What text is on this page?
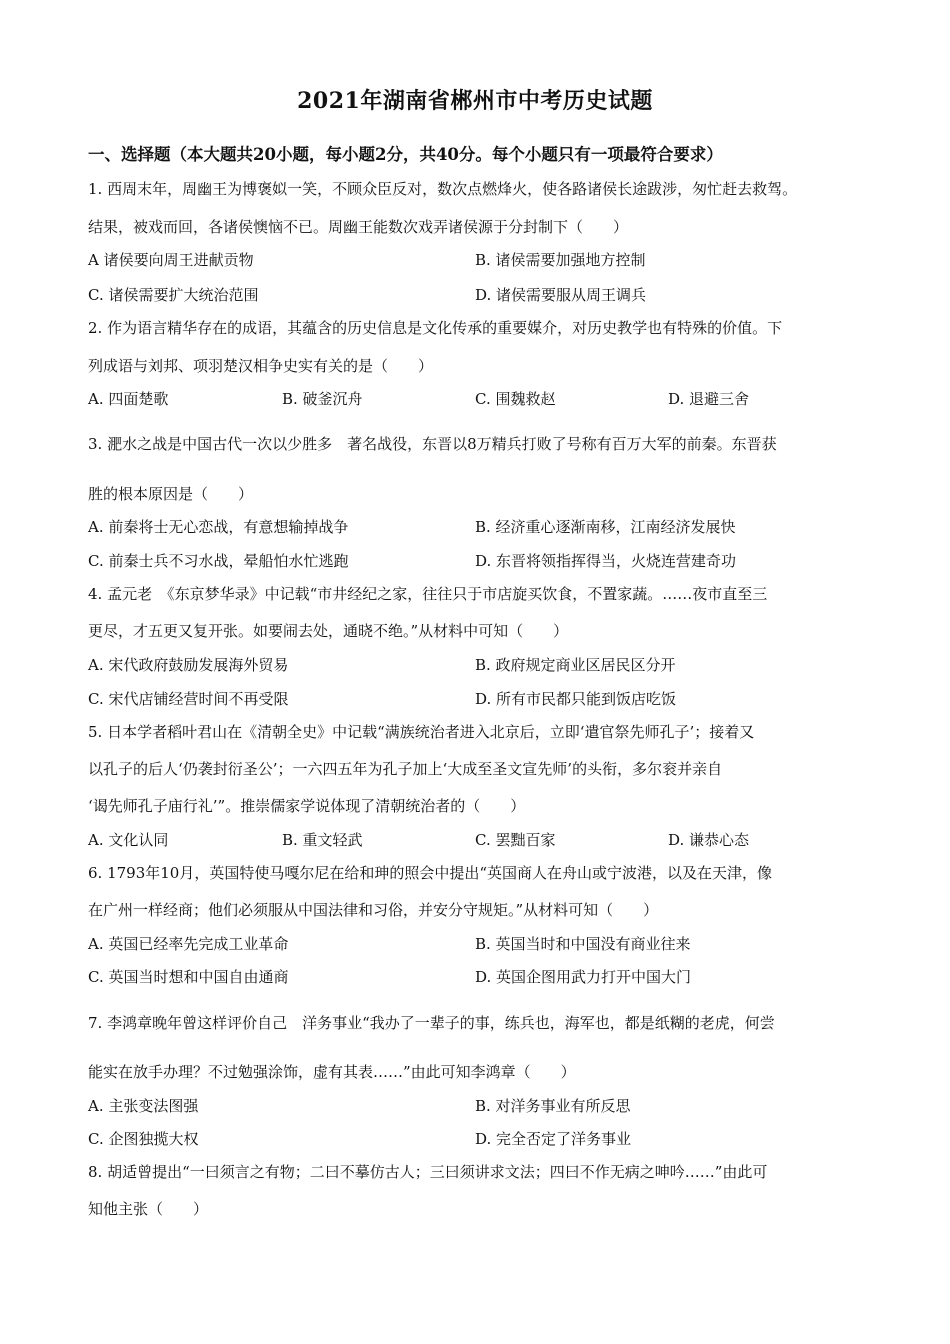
2021年湖南省郴州市中考历史试题
一、选择题（本大题共20小题，每小题2分，共40分。每个小题只有一项最符合要求）
1. 西周末年，周幽王为博褒姒一笑，不顾众臣反对，数次点燃烽火，使各路诸侯长途跋涉，匆忙赶去救驾。
结果，被戏而回，各诸侯懊恼不已。周幽王能数次戏弄诸侯源于分封制下（　　）
A 诸侯要向周王进献贡物	B. 诸侯需要加强地方控制
C. 诸侯需要扩大统治范围	D. 诸侯需要服从周王调兵
2. 作为语言精华存在的成语，其蕴含的历史信息是文化传承的重要媒介，对历史教学也有特殊的价值。下
列成语与刘邦、项羽楚汉相争史实有关的是（　　）
A. 四面楚歌	B. 破釜沉舟	C. 围魏救赵	D. 退避三舍
3. 淝水之战是中国古代一次以少胜多　著名战役，东晋以8万精兵打败了号称有百万大军的前秦。东晋获
胜的根本原因是（　　）
A. 前秦将士无心恋战，有意想输掉战争	B. 经济重心逐渐南移，江南经济发展快
C. 前秦士兵不习水战，晕船怕水忙逃跑	D. 东晋将领指挥得当，火烧连营建奇功
4. 孟元老　《东京梦华录》中记载“市井经纪之家，往往只于市店旋买饮食，不置家蔬。……夜市直至三
更尽，才五更又复开张。如要闹去处，通晓不绝。”从材料中可知（　　）
A. 宋代政府鼓励发展海外贸易	B. 政府规定商业区居民区分开
C. 宋代店铺经营时间不再受限	D. 所有市民都只能到饭店吃饭
5. 日本学者稻叶君山在《清朝全史》中记载“满族统治者进入北京后，立即‘遣官祭先师孔子’；接着又
以孔子的后人‘仍袭封衍圣公’；一六四五年为孔子加上‘大成至圣文宣先师’的头衔，多尔衮并亲自
‘谒先师孔子庙行礼’”。推崇儒家学说体现了清朝统治者的（　　）
A. 文化认同	B. 重文轻武	C. 罢黜百家	D. 谦恭心态
6. 1793年10月，英国特使马嘎尔尼在给和珅的照会中提出“英国商人在舟山或宁波港，以及在天津，像
在广州一样经商；他们必须服从中国法律和习俗，并安分守规矩。”从材料可知（　　）
A. 英国已经率先完成工业革命	B. 英国当时和中国没有商业往来
C. 英国当时想和中国自由通商	D. 英国企图用武力打开中国大门
7. 李鸿章晚年曾这样评价自己　洋务事业“我办了一辈子的事，练兵也，海军也，都是纸糊的老虎，何尝
能实在放手办理？不过勉强涂饰，虚有其表……”由此可知李鸿章（　　）
A. 主张变法图强	B. 对洋务事业有所反思
C. 企图独揽大权	D. 完全否定了洋务事业
8. 胡适曾提出“一曰须言之有物；二曰不摹仿古人；三曰须讲求文法；四曰不作无病之呻吟……”由此可
知他主张（　　）
